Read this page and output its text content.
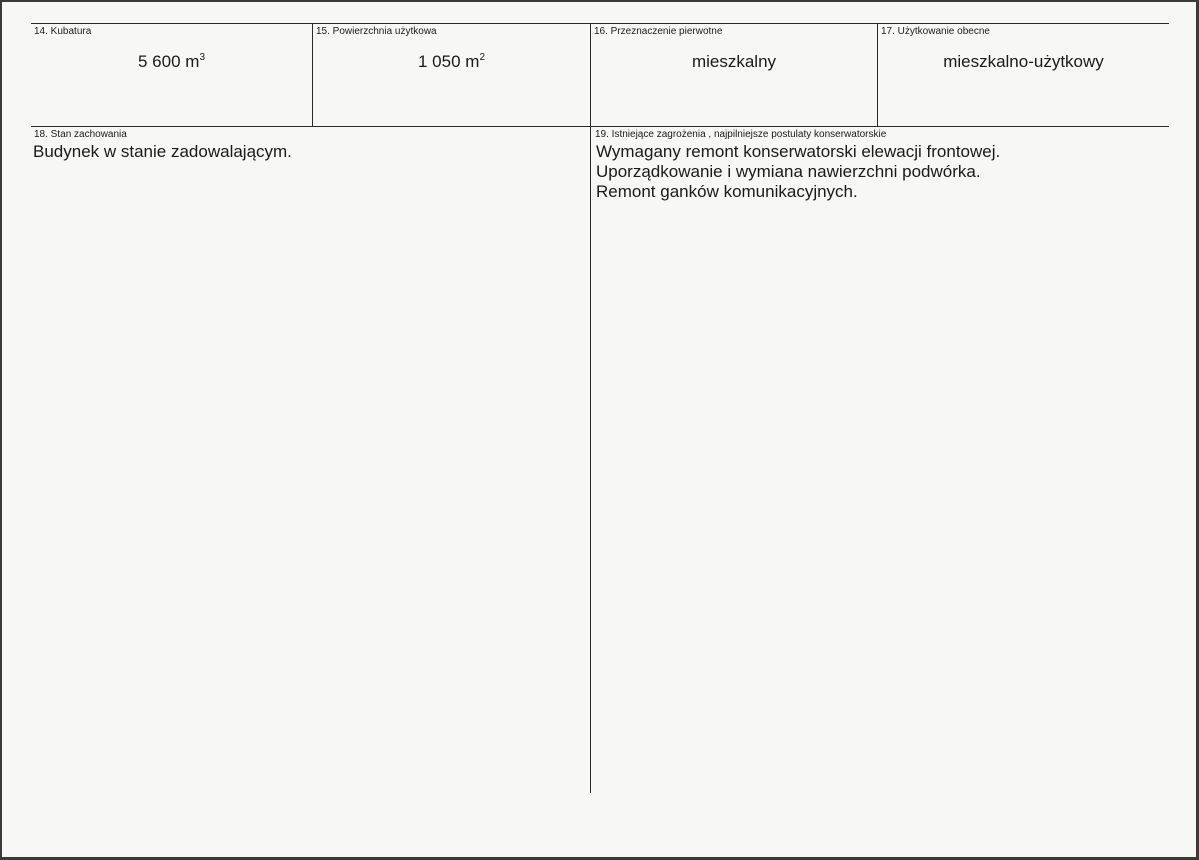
14. Kubatura
5 600 $m^3$
15. Powierzchnia użytkowa
1 050 $m^2$
16. Przeznaczenie pierwotne
mieszkalny
17. Użytkowanie obecne
mieszkalno-użytkowy
18. Stan zachowania
Budynek w stanie zadowalającym.
19. Istniejące zagrożenia , najpilniejsze postulaty konserwatorskie
Wymagany remont konserwatorski elewacji frontowej.
Uporządkowanie i wymiana nawierzchni podwórka.
Remont ganków komunikacyjnych.
